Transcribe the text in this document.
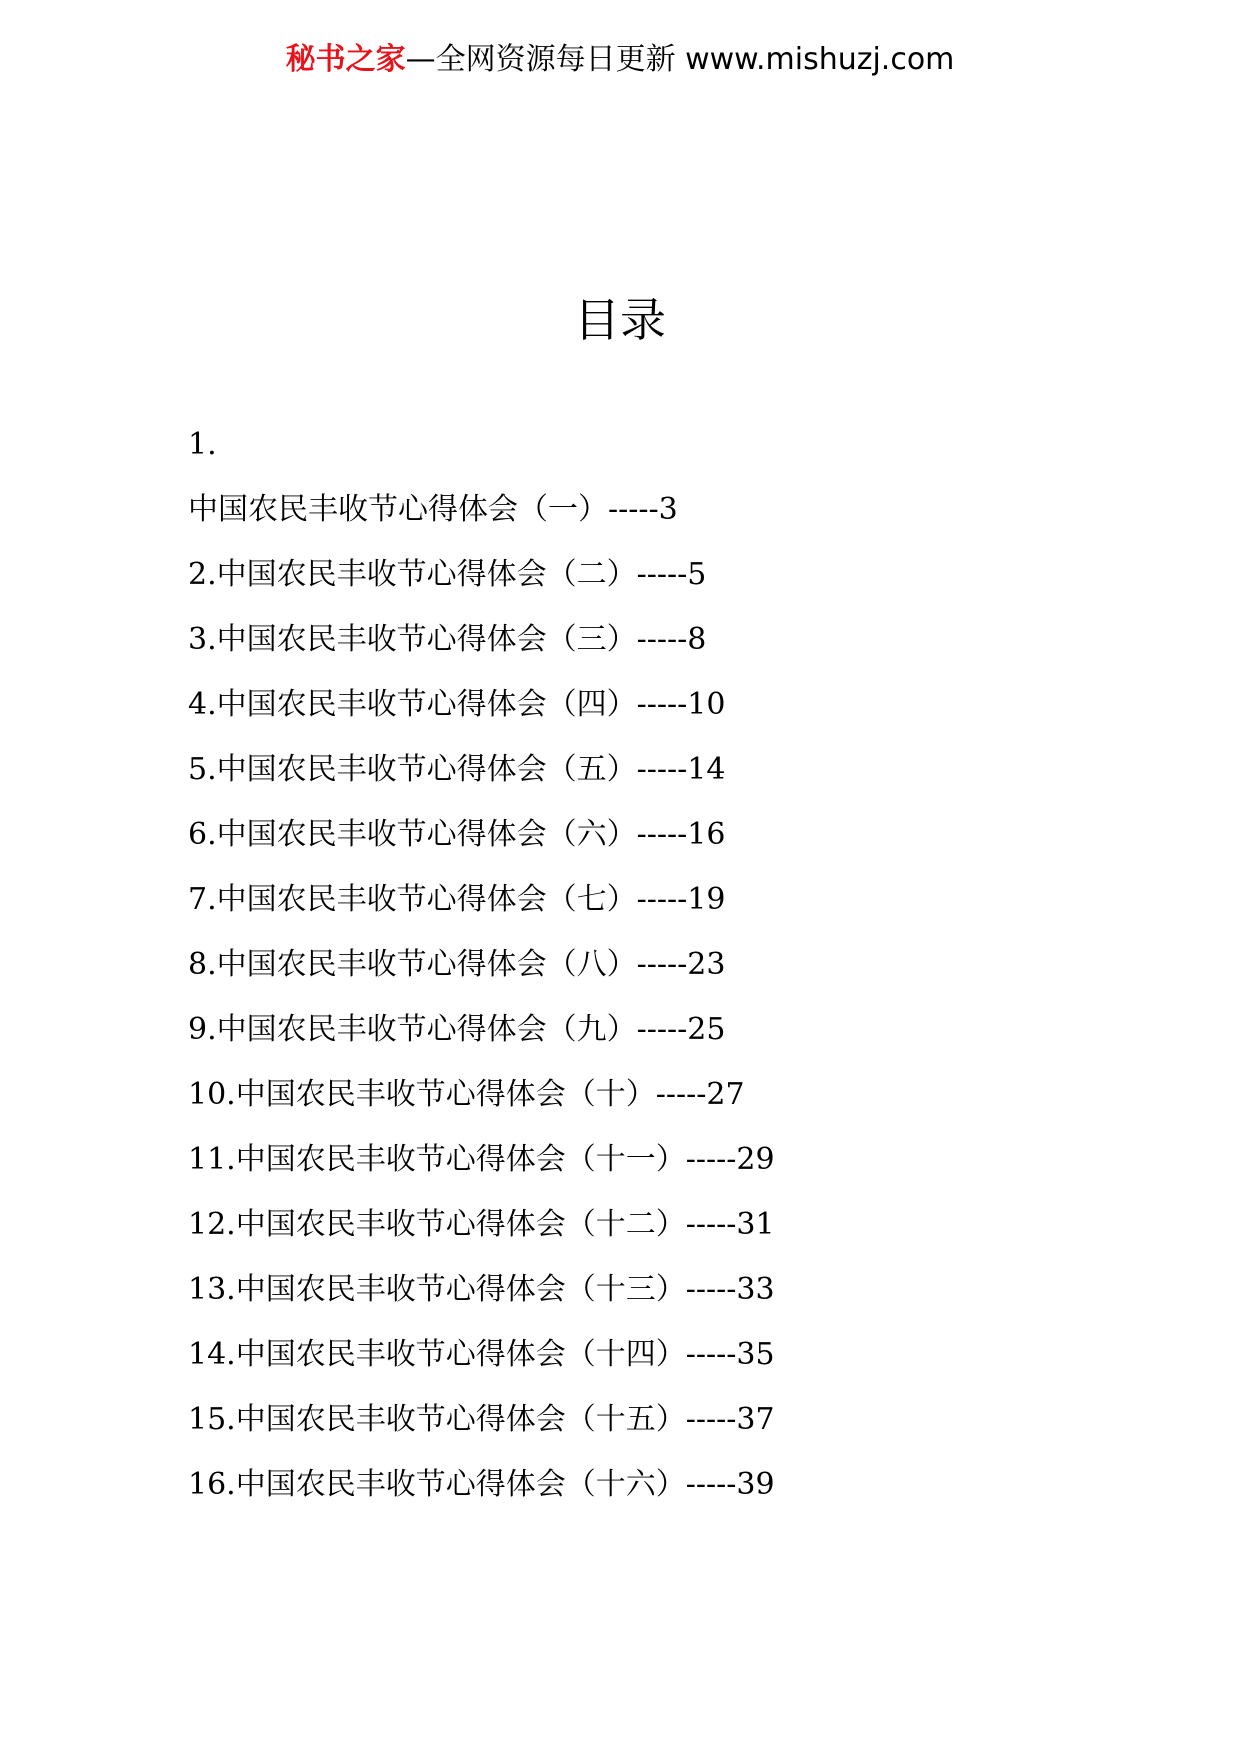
秘书之家—全网资源每日更新 www.mishuzj.com
目录
1.
中国农民丰收节心得体会（一）-----3
2.中国农民丰收节心得体会（二）-----5
3.中国农民丰收节心得体会（三）-----8
4.中国农民丰收节心得体会（四）-----10
5.中国农民丰收节心得体会（五）-----14
6.中国农民丰收节心得体会（六）-----16
7.中国农民丰收节心得体会（七）-----19
8.中国农民丰收节心得体会（八）-----23
9.中国农民丰收节心得体会（九）-----25
10.中国农民丰收节心得体会（十）-----27
11.中国农民丰收节心得体会（十一）-----29
12.中国农民丰收节心得体会（十二）-----31
13.中国农民丰收节心得体会（十三）-----33
14.中国农民丰收节心得体会（十四）-----35
15.中国农民丰收节心得体会（十五）-----37
16.中国农民丰收节心得体会（十六）-----39
